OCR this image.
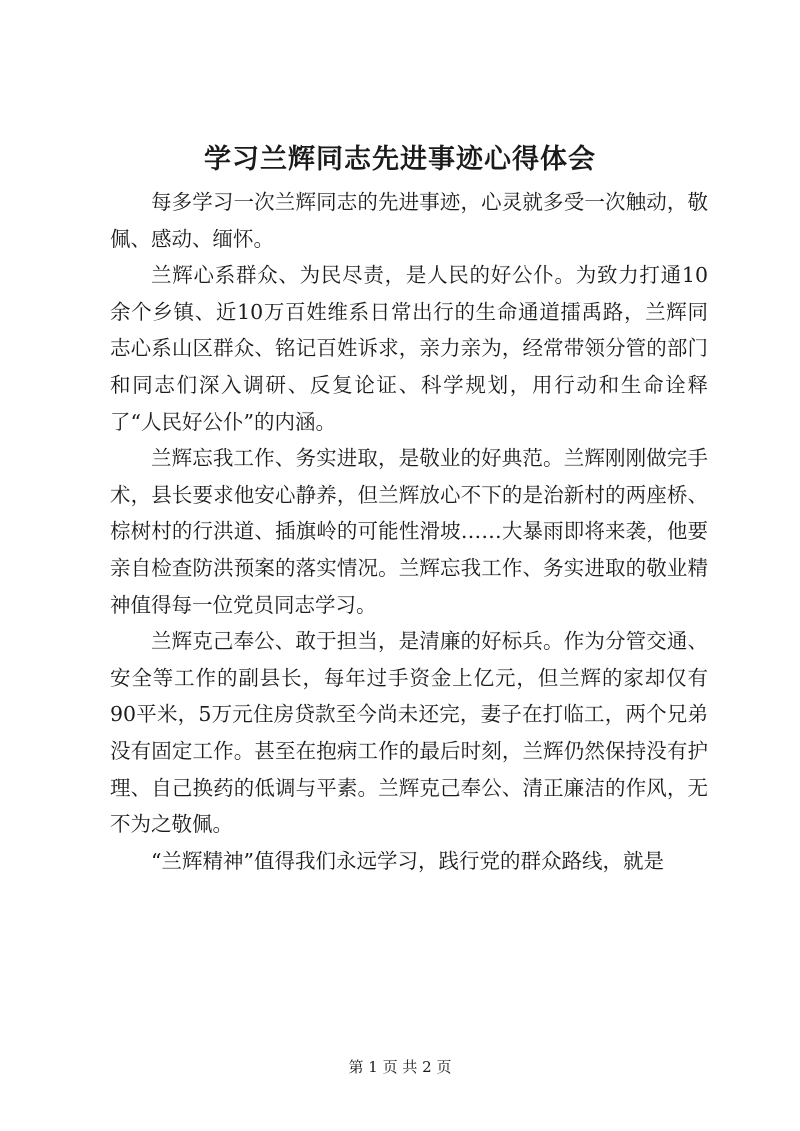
学习兰辉同志先进事迹心得体会

每多学习一次兰辉同志的先进事迹，心灵就多受一次触动，敬佩、感动、缅怀。

兰辉心系群众、为民尽责，是人民的好公仆。为致力打通10余个乡镇、近10万百姓维系日常出行的生命通道擂禹路，兰辉同志心系山区群众、铭记百姓诉求，亲力亲为，经常带领分管的部门和同志们深入调研、反复论证、科学规划，用行动和生命诠释了“人民好公仆”的内涵。

兰辉忘我工作、务实进取，是敬业的好典范。兰辉刚刚做完手术，县长要求他安心静养，但兰辉放心不下的是治新村的两座桥、棕树村的行洪道、插旗岭的可能性滑坡……大暴雨即将来袭，他要亲自检查防洪预案的落实情况。兰辉忘我工作、务实进取的敬业精神值得每一位党员同志学习。

兰辉克己奉公、敢于担当，是清廉的好标兵。作为分管交通、安全等工作的副县长，每年过手资金上亿元，但兰辉的家却仅有90平米，5万元住房贷款至今尚未还完，妻子在打临工，两个兄弟没有固定工作。甚至在抱病工作的最后时刻，兰辉仍然保持没有护理、自己换药的低调与平素。兰辉克己奉公、清正廉洁的作风，无不为之敬佩。

“兰辉精神”值得我们永远学习，践行党的群众路线，就是

第 1 页 共 2 页
